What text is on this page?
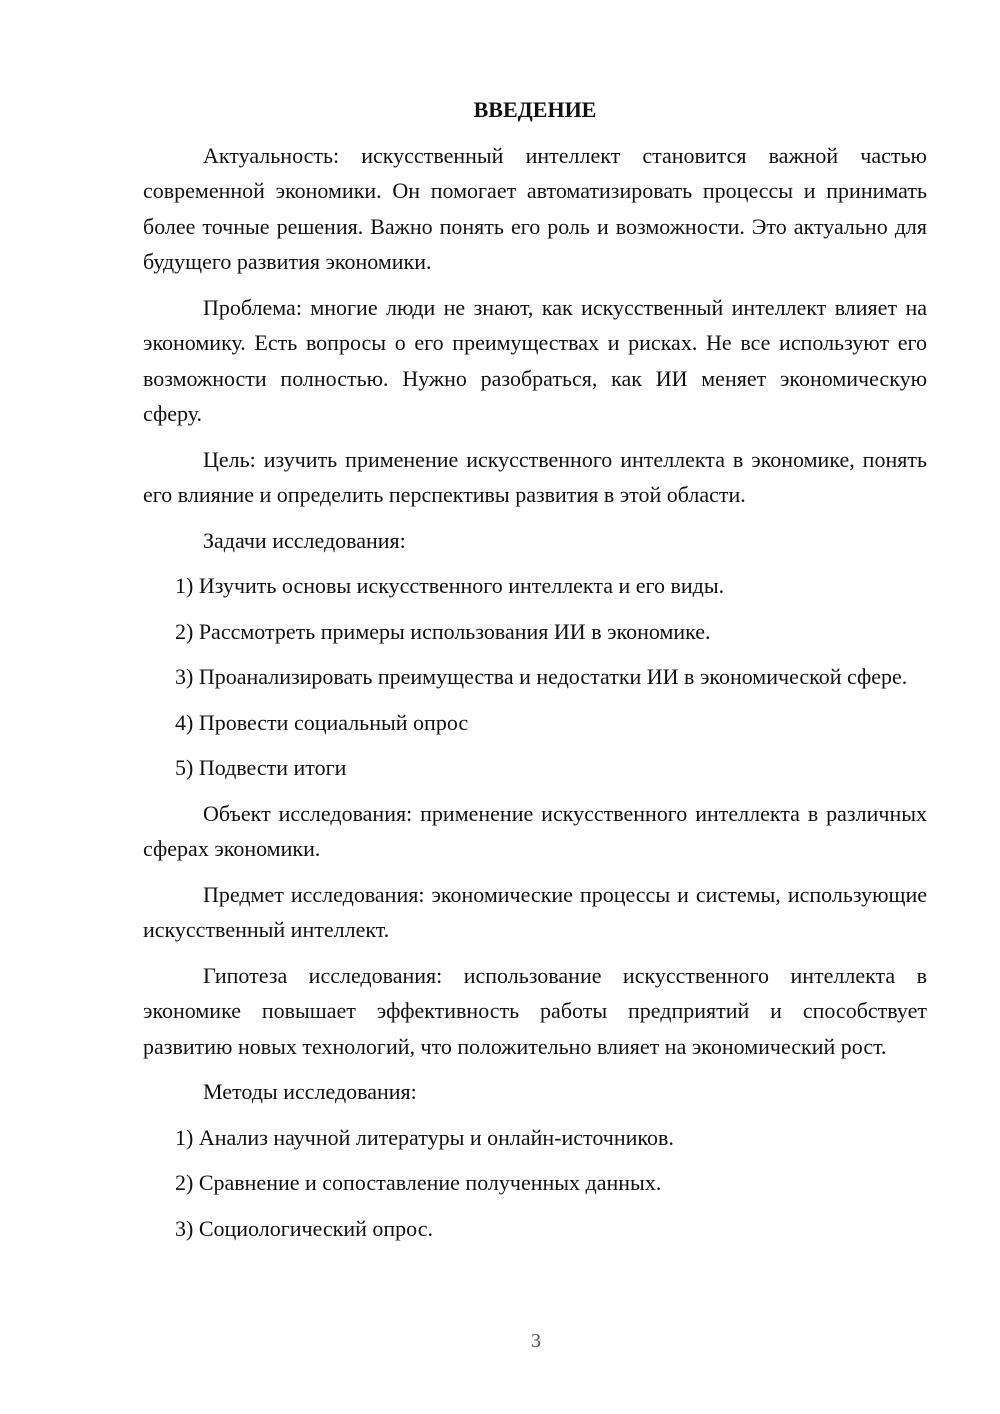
ВВЕДЕНИЕ

Актуальность: искусственный интеллект становится важной частью современной экономики. Он помогает автоматизировать процессы и принимать более точные решения. Важно понять его роль и возможности. Это актуально для будущего развития экономики.

Проблема: многие люди не знают, как искусственный интеллект влияет на экономику. Есть вопросы о его преимуществах и рисках. Не все используют его возможности полностью. Нужно разобраться, как ИИ меняет экономическую сферу.

Цель: изучить применение искусственного интеллекта в экономике, понять его влияние и определить перспективы развития в этой области.

Задачи исследования:

1) Изучить основы искусственного интеллекта и его виды.

2) Рассмотреть примеры использования ИИ в экономике.

3) Проанализировать преимущества и недостатки ИИ в экономической сфере.

4) Провести социальный опрос

5) Подвести итоги

Объект исследования: применение искусственного интеллекта в различных сферах экономики.

Предмет исследования: экономические процессы и системы, использующие искусственный интеллект.

Гипотеза исследования: использование искусственного интеллекта в экономике повышает эффективность работы предприятий и способствует развитию новых технологий, что положительно влияет на экономический рост.

Методы исследования:

1) Анализ научной литературы и онлайн-источников.

2) Сравнение и сопоставление полученных данных.

3) Социологический опрос.

3
